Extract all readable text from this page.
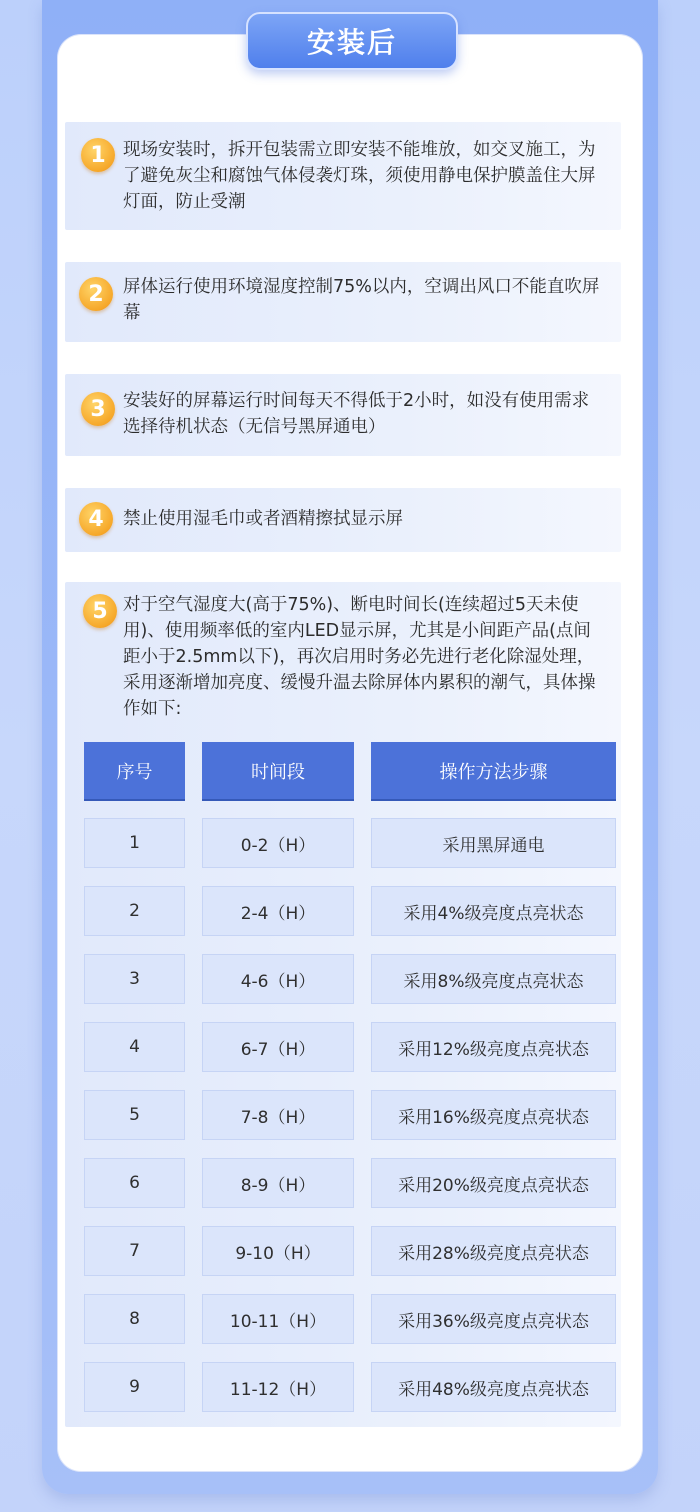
安装后
1 现场安装时，拆开包装需立即安装不能堆放，如交叉施工，为了避免灰尘和腐蚀气体侵袭灯珠，须使用静电保护膜盖住大屏灯面，防止受潮
2	屏体运行使用环境湿度控制75%以内，空调出风口不能直吹屏幕
3 安装好的屏幕运行时间每天不得低于2小时，如没有使用需求选择待机状态（无信号黑屏通电）
4	禁止使用湿毛巾或者酒精擦拭显示屏
5 对于空气湿度大(高于75%)、断电时间长(连续超过5天未使用)、使用频率低的室内LED显示屏，尤其是小间距产品(点间距小于2.5mm以下)，再次启用时务必先进行老化除湿处理，采用逐渐增加亮度、缓慢升温去除屏体内累积的潮气，具体操作如下:
序号	时间段	操作方法步骤
1	0-2（H）	采用黑屏通电
2	2-4（H）	采用4%级亮度点亮状态
3	4-6（H）	采用8%级亮度点亮状态
4	6-7（H）	采用12%级亮度点亮状态
5	7-8（H）	采用16%级亮度点亮状态
6	8-9（H）	采用20%级亮度点亮状态
7	9-10（H）	采用28%级亮度点亮状态
8	10-11（H）	采用36%级亮度点亮状态
9	11-12（H）	采用48%级亮度点亮状态
